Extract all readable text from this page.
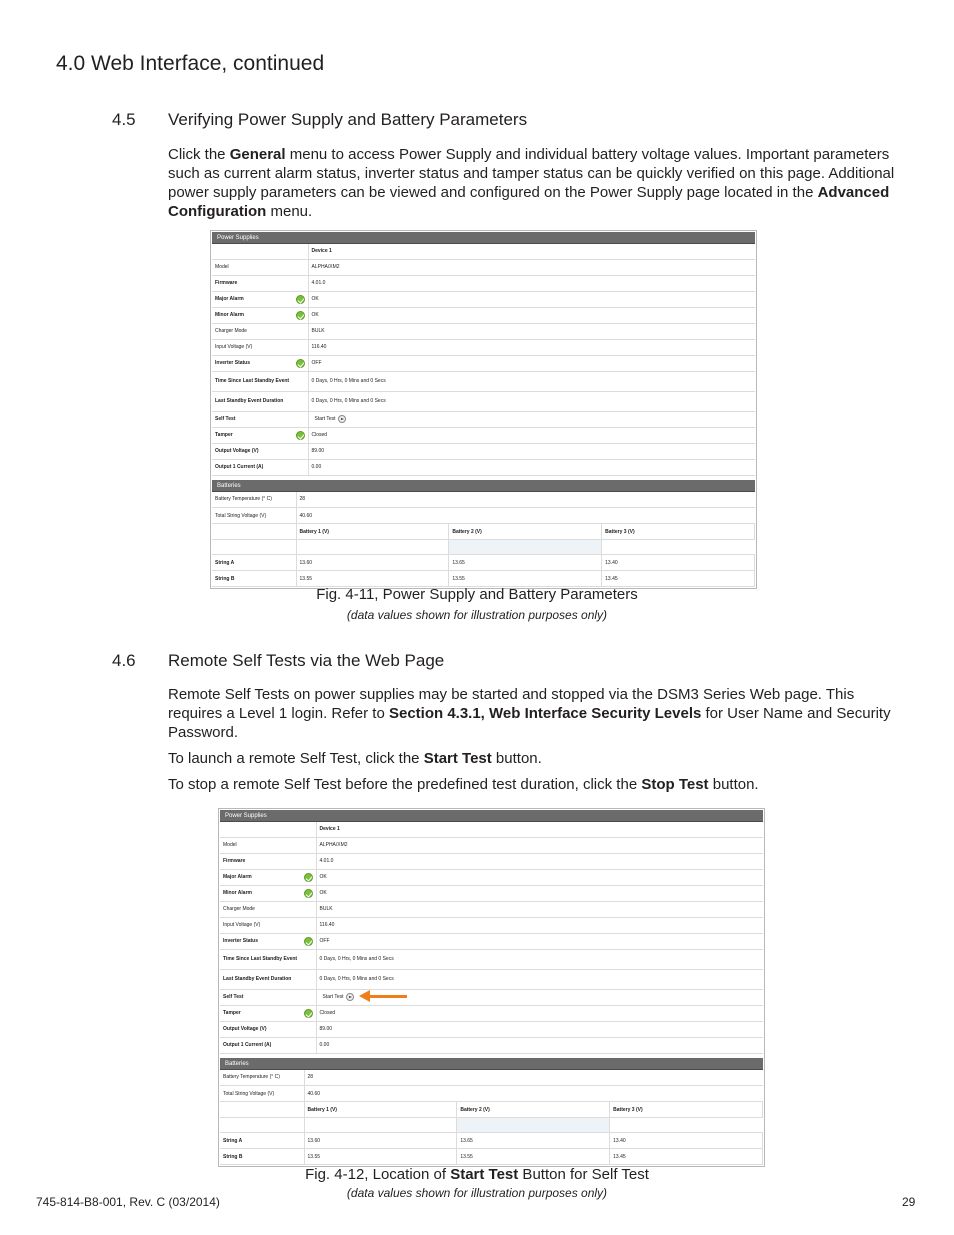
4.0 Web Interface, continued
4.5 Verifying Power Supply and Battery Parameters
Click the General menu to access Power Supply and individual battery voltage values. Important parameters such as current alarm status, inverter status and tamper status can be quickly verified on this page. Additional power supply parameters can be viewed and configured on the Power Supply page located in the Advanced Configuration menu.
Power Supplies
		Device 1
Model		ALPHA/XM2
Firmware		4.01.0
Major Alarm		OK
Minor Alarm		OK
Charger Mode		BULK
Input Voltage (V)		116.40
Inverter Status		OFF
Time Since Last Standby Event		0 Days, 0 Hrs, 0 Mins and 0 Secs
Last Standby Event Duration		0 Days, 0 Hrs, 0 Mins and 0 Secs
Self Test		Start Test
Tamper		Closed
Output Voltage (V)		89.00
Output 1 Current (A)		0.00
Batteries
Battery Temperature (° C)	28		
Total String Voltage (V)	40.60		
	Battery 1 (V)	Battery 2 (V)	Battery 3 (V)

String A	13.60	13.65	13.40
String B	13.55	13.55	13.45
Fig. 4-11, Power Supply and Battery Parameters
(data values shown for illustration purposes only)
4.6 Remote Self Tests via the Web Page
Remote Self Tests on power supplies may be started and stopped via the DSM3 Series Web page. This requires a Level 1 login. Refer to Section 4.3.1, Web Interface Security Levels for User Name and Security Password.
To launch a remote Self Test, click the Start Test button.
To stop a remote Self Test before the predefined test duration, click the Stop Test button.
Power Supplies
		Device 1
Model		ALPHA/XM2
Firmware		4.01.0
Major Alarm		OK
Minor Alarm		OK
Charger Mode		BULK
Input Voltage (V)		116.40
Inverter Status		OFF
Time Since Last Standby Event		0 Days, 0 Hrs, 0 Mins and 0 Secs
Last Standby Event Duration		0 Days, 0 Hrs, 0 Mins and 0 Secs
Self Test		Start Test
Tamper		Closed
Output Voltage (V)		89.00
Output 1 Current (A)		0.00
Batteries
Battery Temperature (° C)	28		
Total String Voltage (V)	40.60		
	Battery 1 (V)	Battery 2 (V)	Battery 3 (V)

String A	13.60	13.65	13.40
String B	13.55	13.55	13.45
Fig. 4-12, Location of Start Test Button for Self Test
(data values shown for illustration purposes only)
745-814-B8-001, Rev. C (03/2014)	29
